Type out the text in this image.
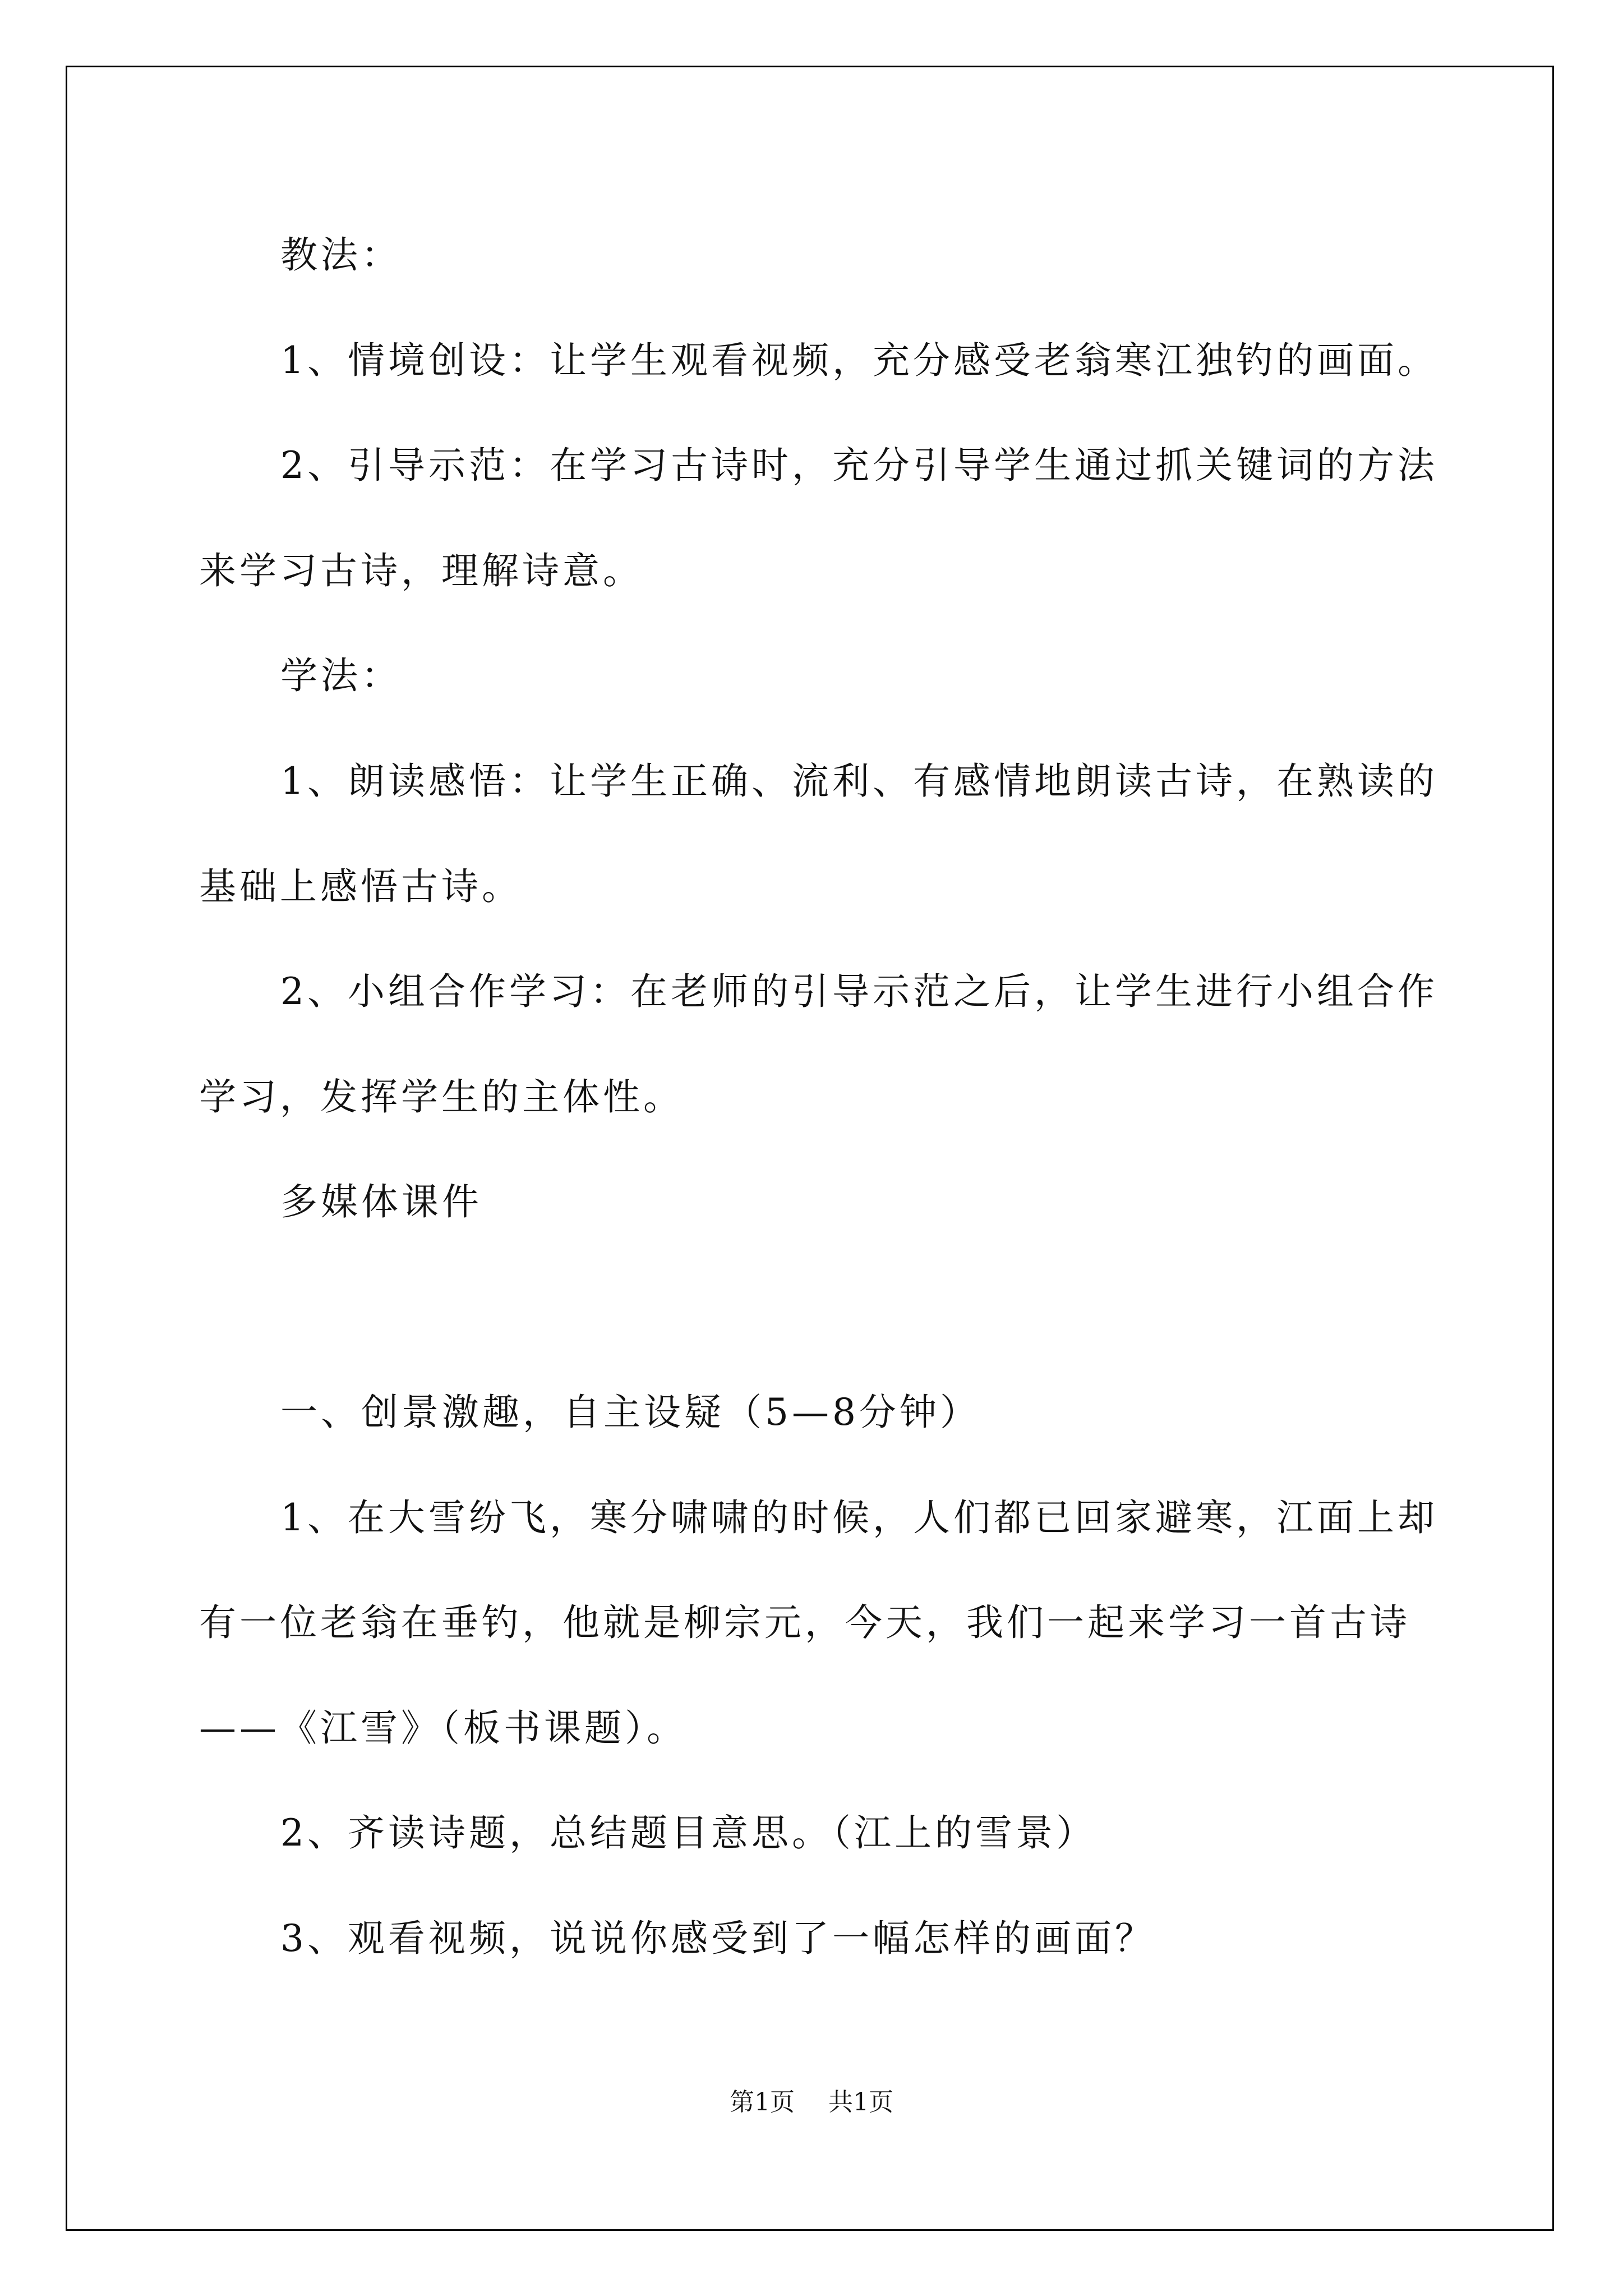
教法：
1、情境创设：让学生观看视频，充分感受老翁寒江独钓的画面。
2、引导示范：在学习古诗时，充分引导学生通过抓关键词的方法
来学习古诗，理解诗意。
学法：
1、朗读感悟：让学生正确、流利、有感情地朗读古诗，在熟读的
基础上感悟古诗。
2、小组合作学习：在老师的引导示范之后，让学生进行小组合作
学习，发挥学生的主体性。
多媒体课件
一、创景激趣，自主设疑（5—8分钟）
1、在大雪纷飞，寒分啸啸的时候，人们都已回家避寒，江面上却
有一位老翁在垂钓，他就是柳宗元，今天，我们一起来学习一首古诗
——《江雪》（板书课题）。
2、齐读诗题，总结题目意思。（江上的雪景）
3、观看视频，说说你感受到了一幅怎样的画面？
第1页 共1页
